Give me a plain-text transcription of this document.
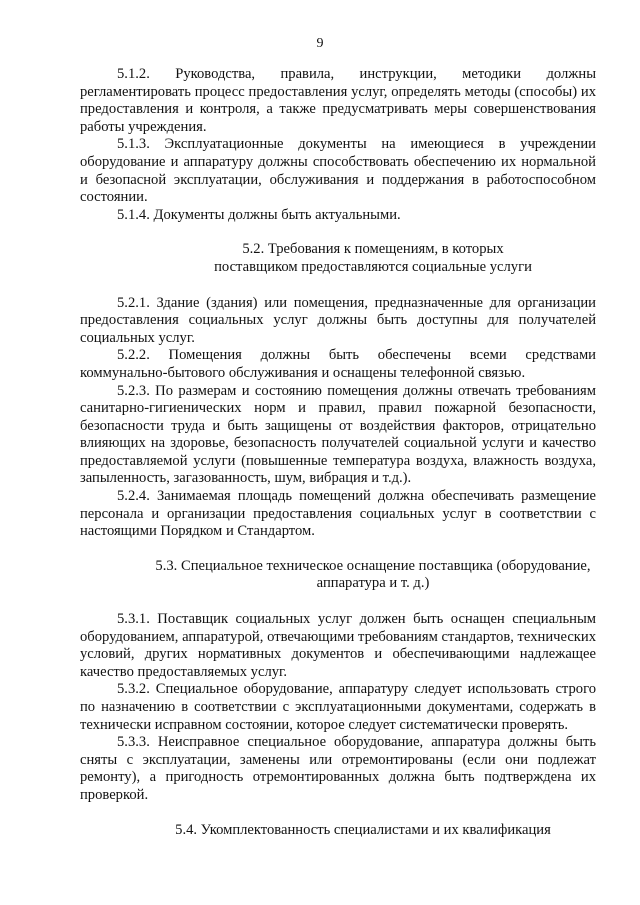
9

5.1.2. Руководства, правила, инструкции, методики должны регламентировать процесс предоставления услуг, определять методы (способы) их предоставления и контроля, а также предусматривать меры совершенствования работы учреждения.

5.1.3. Эксплуатационные документы на имеющиеся в учреждении оборудование и аппаратуру должны способствовать обеспечению их нормальной и безопасной эксплуатации, обслуживания и поддержания в работоспособном состоянии.

5.1.4. Документы должны быть актуальными.

5.2. Требования к помещениям, в которых поставщиком предоставляются социальные услуги

5.2.1. Здание (здания) или помещения, предназначенные для организации предоставления социальных услуг должны быть доступны для получателей социальных услуг.

5.2.2. Помещения должны быть обеспечены всеми средствами коммунально-бытового обслуживания и оснащены телефонной связью.

5.2.3. По размерам и состоянию помещения должны отвечать требованиям санитарно-гигиенических норм и правил, правил пожарной безопасности, безопасности труда и быть защищены от воздействия факторов, отрицательно влияющих на здоровье, безопасность получателей социальной услуги и качество предоставляемой услуги (повышенные температура воздуха, влажность воздуха, запыленность, загазованность, шум, вибрация и т.д.).

5.2.4. Занимаемая площадь помещений должна обеспечивать размещение персонала и организации предоставления социальных услуг в соответствии с настоящими Порядком и Стандартом.

5.3. Специальное техническое оснащение поставщика (оборудование, аппаратура и т. д.)

5.3.1. Поставщик социальных услуг должен быть оснащен специальным оборудованием, аппаратурой, отвечающими требованиям стандартов, технических условий, других нормативных документов и обеспечивающими надлежащее качество предоставляемых услуг.

5.3.2. Специальное оборудование, аппаратуру следует использовать строго по назначению в соответствии с эксплуатационными документами, содержать в технически исправном состоянии, которое следует систематически проверять.

5.3.3. Неисправное специальное оборудование, аппаратура должны быть сняты с эксплуатации, заменены или отремонтированы (если они подлежат ремонту), а пригодность отремонтированных должна быть подтверждена их проверкой.

5.4. Укомплектованность специалистами и их квалификация
